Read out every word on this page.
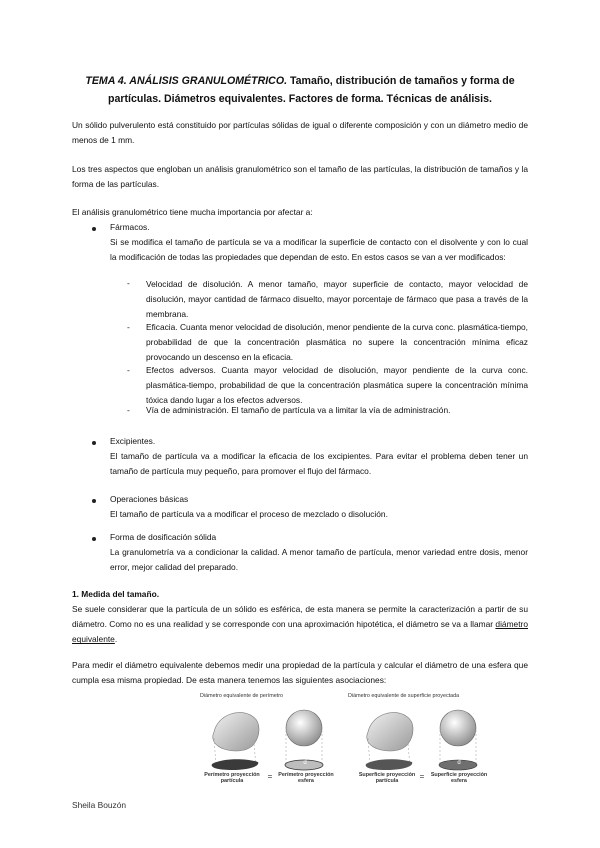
TEMA 4. ANÁLISIS GRANULOMÉTRICO. Tamaño, distribución de tamaños y forma de partículas. Diámetros equivalentes. Factores de forma. Técnicas de análisis.
Un sólido pulverulento está constituido por partículas sólidas de igual o diferente composición y con un diámetro medio de menos de 1 mm.
Los tres aspectos que engloban un análisis granulométrico son el tamaño de las partículas, la distribución de tamaños y la forma de las partículas.
El análisis granulométrico tiene mucha importancia por afectar a:
Fármacos.
Si se modifica el tamaño de partícula se va a modificar la superficie de contacto con el disolvente y con lo cual la modificación de todas las propiedades que dependan de esto. En estos casos se van a ver modificados:
- Velocidad de disolución. A menor tamaño, mayor superficie de contacto, mayor velocidad de disolución, mayor cantidad de fármaco disuelto, mayor porcentaje de fármaco que pasa a través de la membrana.
- Eficacia. Cuanta menor velocidad de disolución, menor pendiente de la curva conc. plasmática-tiempo, probabilidad de que la concentración plasmática no supere la concentración mínima eficaz provocando un descenso en la eficacia.
- Efectos adversos. Cuanta mayor velocidad de disolución, mayor pendiente de la curva conc. plasmática-tiempo, probabilidad de que la concentración plasmática supere la concentración mínima tóxica dando lugar a los efectos adversos.
- Vía de administración. El tamaño de partícula va a limitar la vía de administración.
Excipientes.
El tamaño de partícula va a modificar la eficacia de los excipientes. Para evitar el problema deben tener un tamaño de partícula muy pequeño, para promover el flujo del fármaco.
Operaciones básicas
El tamaño de partícula va a modificar el proceso de mezclado o disolución.
Forma de dosificación sólida
La granulometría va a condicionar la calidad. A menor tamaño de partícula, menor variedad entre dosis, menor error, mejor calidad del preparado.
1. Medida del tamaño.
Se suele considerar que la partícula de un sólido es esférica, de esta manera se permite la caracterización a partir de su diámetro. Como no es una realidad y se corresponde con una aproximación hipotética, el diámetro se va a llamar diámetro equivalente.
Para medir el diámetro equivalente debemos medir una propiedad de la partícula y calcular el diámetro de una esfera que cumpla esa misma propiedad. De esta manera tenemos las siguientes asociaciones:
Diámetro equivalente de perímetro	Diámetro equivalente de superficie proyectada
d	d
Perímetro proyección partícula	=	Perímetro proyección esfera
Superficie proyección partícula	=	Superficie proyección esfera
Sheila Bouzón
